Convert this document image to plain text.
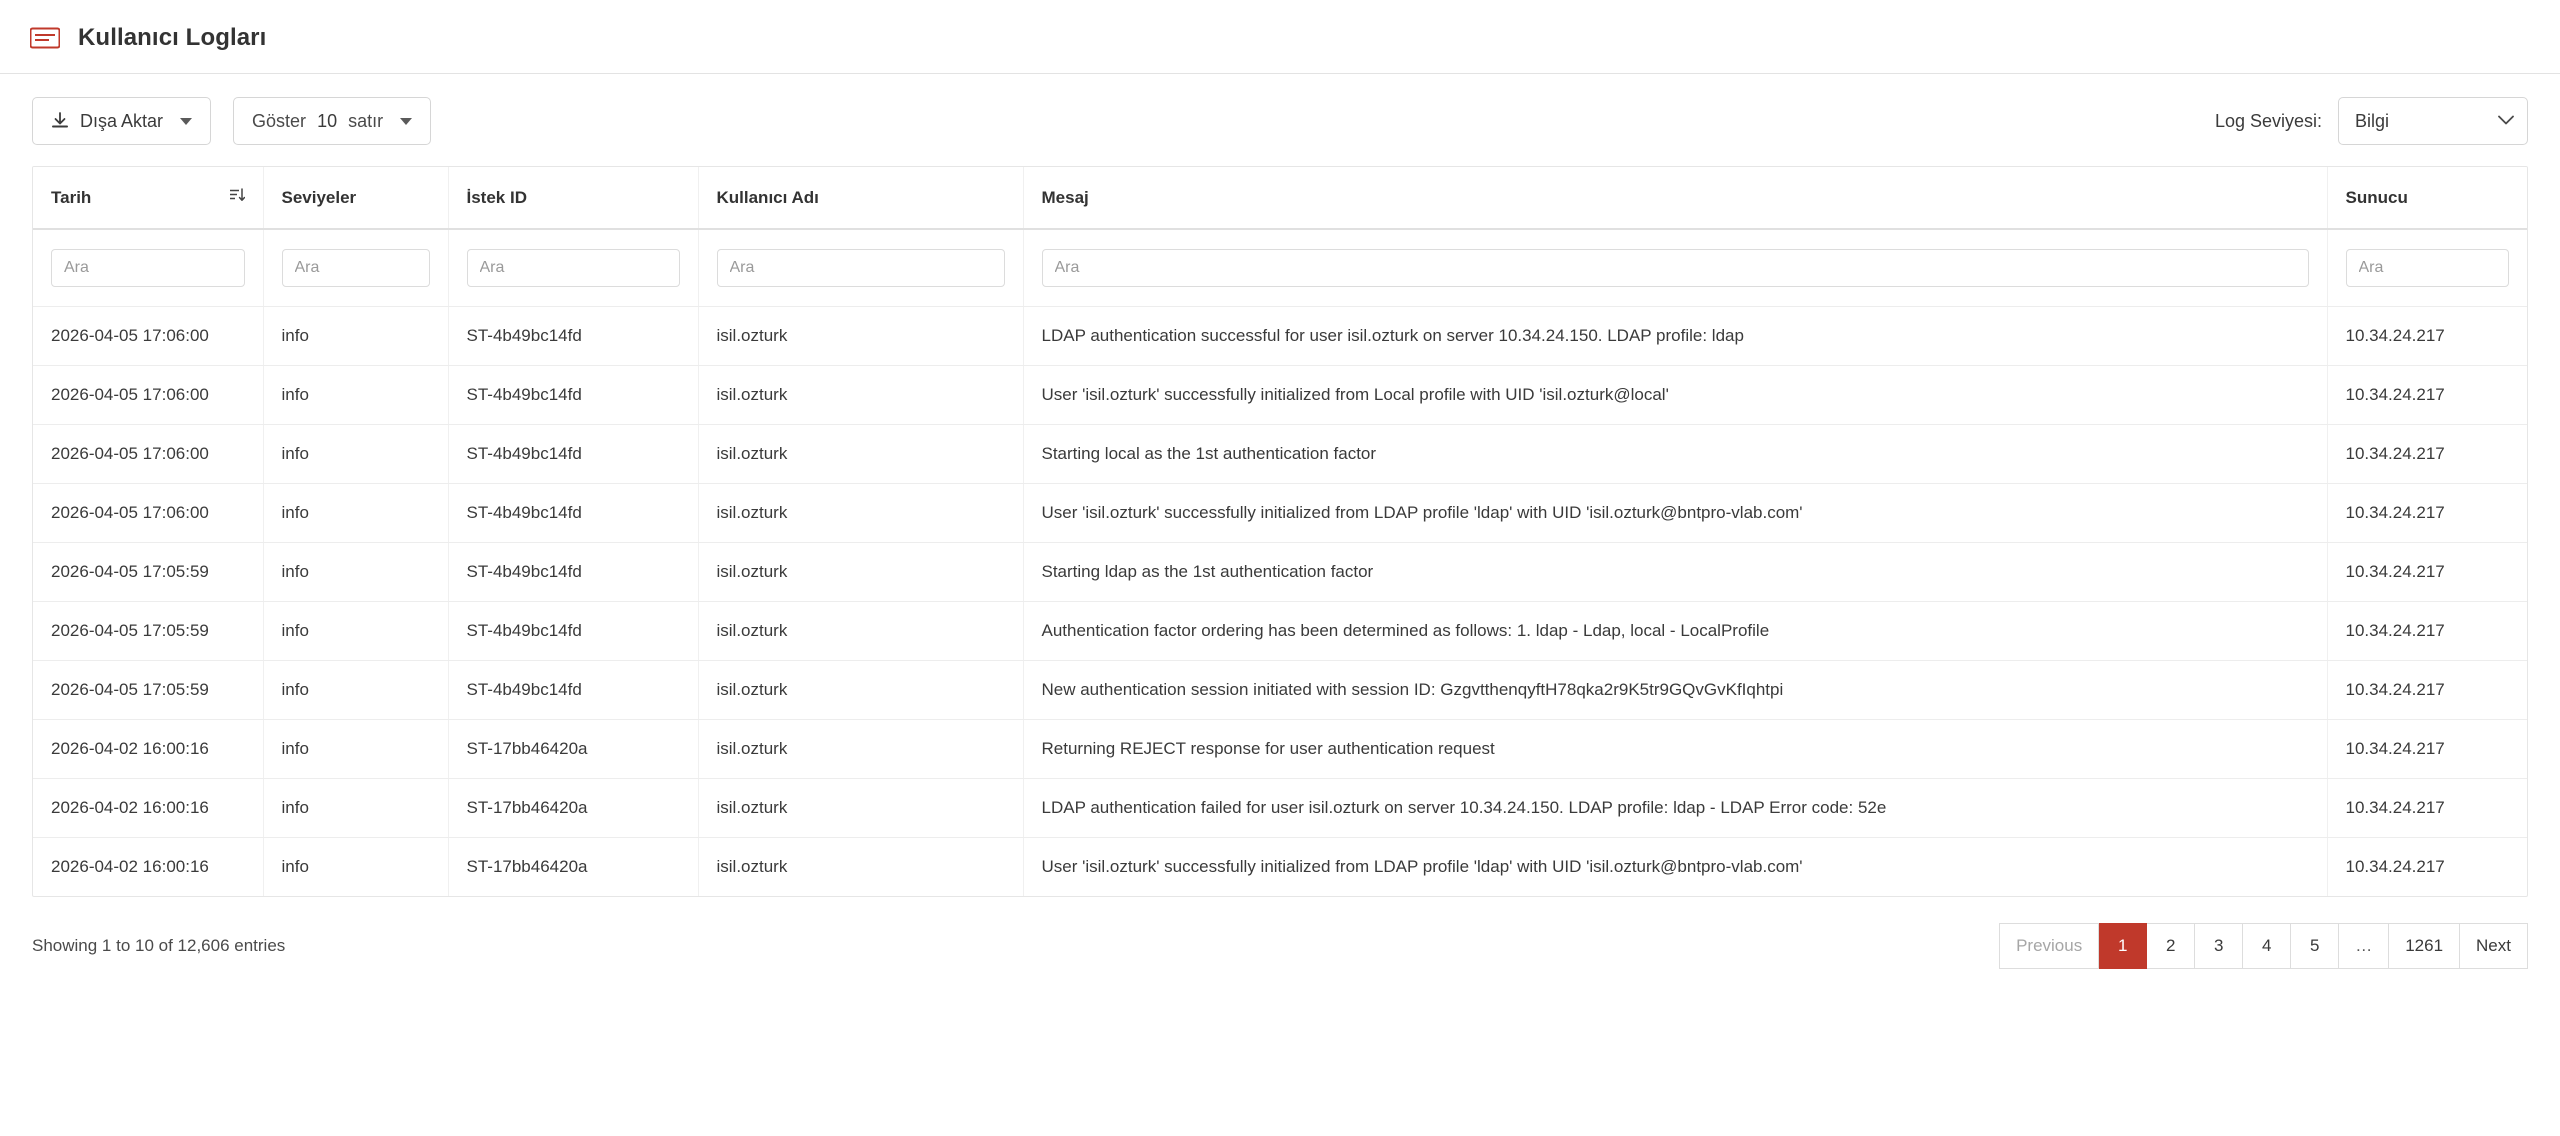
Kullanıcı Logları
Dışa Aktar	Göster 10 satır	Log Seviyesi:
Bilgi
Tarih	Seviyeler	İstek ID	Kullanıcı Adı	Mesaj	Sunucu
Ara	Ara	Ara	Ara	Ara	Ara
2026-04-05 17:06:00	info	ST-4b49bc14fd	isil.ozturk	LDAP authentication successful for user isil.ozturk on server 10.34.24.150. LDAP profile: ldap	10.34.24.217
2026-04-05 17:06:00	info	ST-4b49bc14fd	isil.ozturk	User 'isil.ozturk' successfully initialized from Local profile with UID 'isil.ozturk@local'	10.34.24.217
2026-04-05 17:06:00	info	ST-4b49bc14fd	isil.ozturk	Starting local as the 1st authentication factor	10.34.24.217
2026-04-05 17:06:00	info	ST-4b49bc14fd	isil.ozturk	User 'isil.ozturk' successfully initialized from LDAP profile 'ldap' with UID 'isil.ozturk@bntpro-vlab.com'	10.34.24.217
2026-04-05 17:05:59	info	ST-4b49bc14fd	isil.ozturk	Starting ldap as the 1st authentication factor	10.34.24.217
2026-04-05 17:05:59	info	ST-4b49bc14fd	isil.ozturk	Authentication factor ordering has been determined as follows: 1. ldap - Ldap, local - LocalProfile	10.34.24.217
2026-04-05 17:05:59	info	ST-4b49bc14fd	isil.ozturk	New authentication session initiated with session ID: GzgvtthenqyftH78qka2r9K5tr9GQvGvKfIqhtpi	10.34.24.217
2026-04-02 16:00:16	info	ST-17bb46420a	isil.ozturk	Returning REJECT response for user authentication request	10.34.24.217
2026-04-02 16:00:16	info	ST-17bb46420a	isil.ozturk	LDAP authentication failed for user isil.ozturk on server 10.34.24.150. LDAP profile: ldap - LDAP Error code: 52e	10.34.24.217
2026-04-02 16:00:16	info	ST-17bb46420a	isil.ozturk	User 'isil.ozturk' successfully initialized from LDAP profile 'ldap' with UID 'isil.ozturk@bntpro-vlab.com'	10.34.24.217
Showing 1 to 10 of 12,606 entries	Previous	1	2	3	4	5	…	1261	Next
